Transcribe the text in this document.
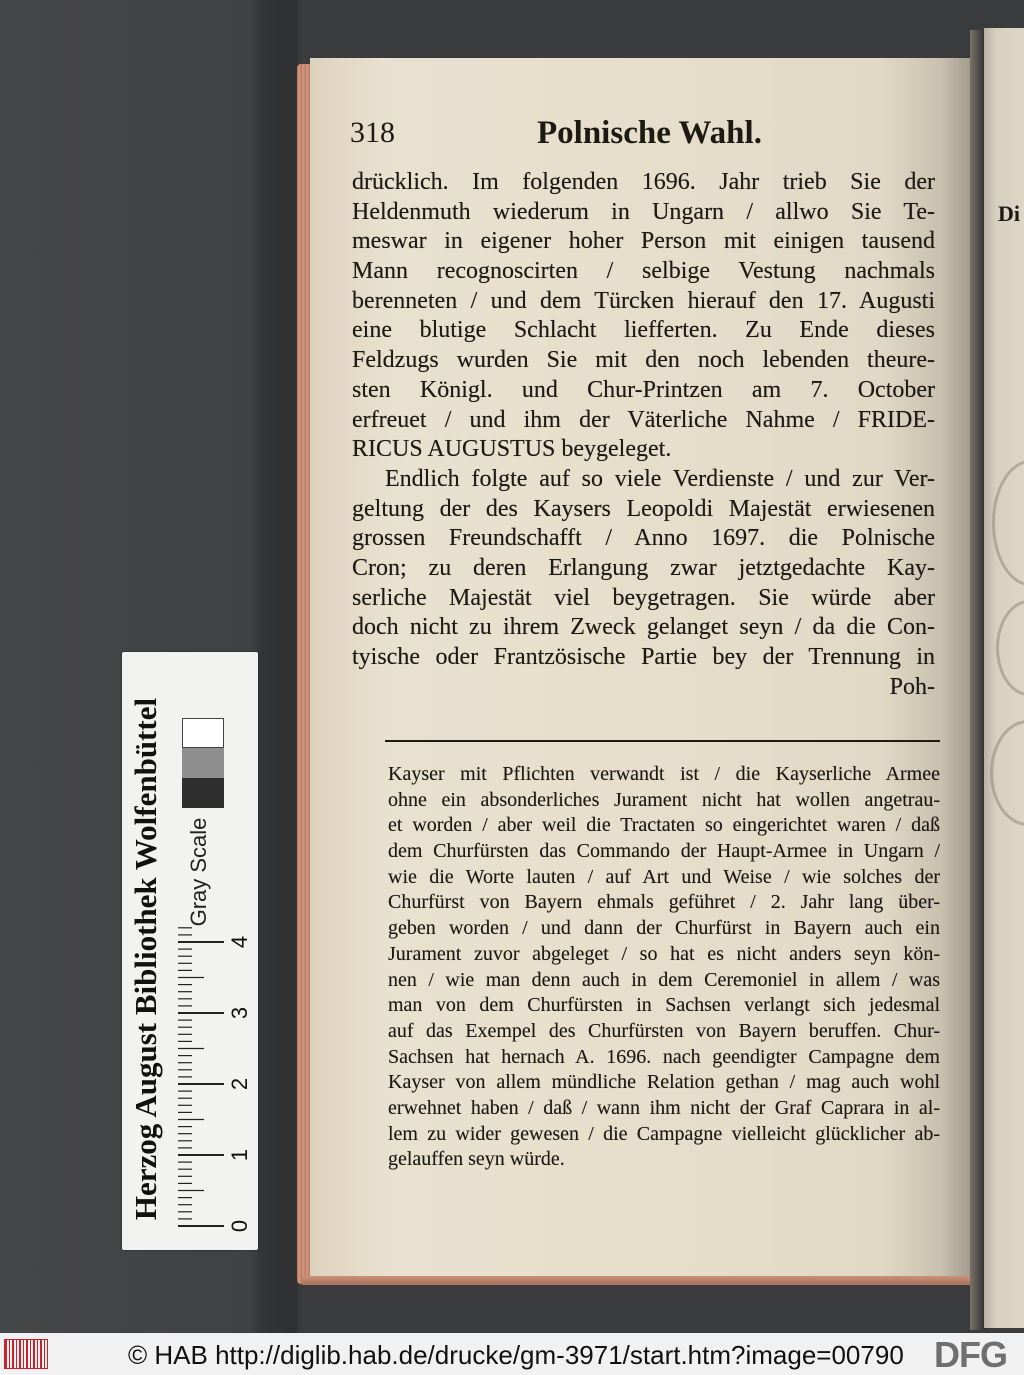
Di
318	Polnische Wahl.
drücklich. Im folgenden 1696. Jahr trieb Sie der
Heldenmuth wiederum in Ungarn / allwo Sie Te-
meswar in eigener hoher Person mit einigen tausend
Mann recognoscirten / selbige Vestung nachmals
berenneten / und dem Türcken hierauf den 17. Augusti
eine blutige Schlacht liefferten. Zu Ende dieses
Feldzugs wurden Sie mit den noch lebenden theure-
sten Königl. und Chur-Printzen am 7. October
erfreuet / und ihm der Väterliche Nahme / FRIDE-
RICUS AUGUSTUS beygeleget.
Endlich folgte auf so viele Verdienste / und zur Ver-
geltung der des Kaysers Leopoldi Majestät erwiesenen
grossen Freundschafft / Anno 1697. die Polnische
Cron; zu deren Erlangung zwar jetztgedachte Kay-
serliche Majestät viel beygetragen. Sie würde aber
doch nicht zu ihrem Zweck gelanget seyn / da die Con-
tyische oder Frantzösische Partie bey der Trennung in
Poh-
Kayser mit Pflichten verwandt ist / die Kayserliche Armee
ohne ein absonderliches Jurament nicht hat wollen angetrau-
et worden / aber weil die Tractaten so eingerichtet waren / daß
dem Churfürsten das Commando der Haupt-Armee in Ungarn /
wie die Worte lauten / auf Art und Weise / wie solches der
Churfürst von Bayern ehmals geführet / 2. Jahr lang über-
geben worden / und dann der Churfürst in Bayern auch ein
Jurament zuvor abgeleget / so hat es nicht anders seyn kön-
nen / wie man denn auch in dem Ceremoniel in allem / was
man von dem Churfürsten in Sachsen verlangt sich jedesmal
auf das Exempel des Churfürsten von Bayern beruffen. Chur-
Sachsen hat hernach A. 1696. nach geendigter Campagne dem
Kayser von allem mündliche Relation gethan / mag auch wohl
erwehnet haben / daß / wann ihm nicht der Graf Caprara in al-
lem zu wider gewesen / die Campagne vielleicht glücklicher ab-
gelauffen seyn würde.
Herzog August Bibliothek Wolfenbüttel Gray Scale
0
1
2
3
4
© HAB http://diglib.hab.de/drucke/gm-3971/start.htm?image=00790 DFG
